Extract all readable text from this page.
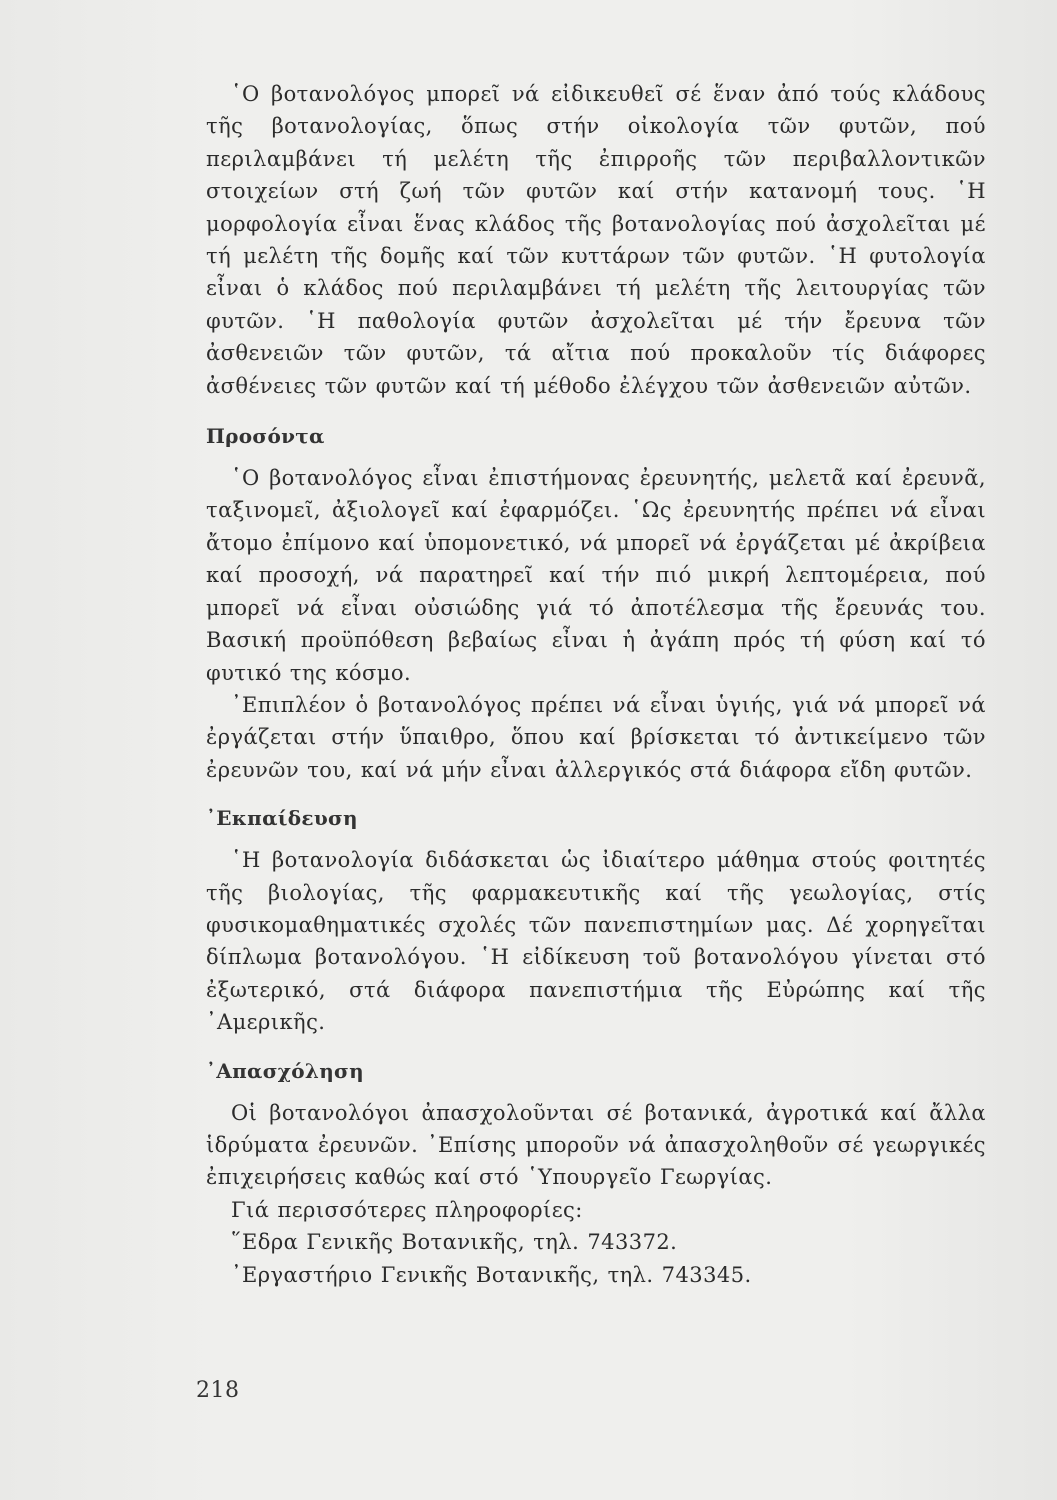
῾Ο βοτανολόγος μπορεῖ νά εἰδικευθεῖ σέ ἕναν ἀπό τούς κλάδους τῆς βοτανολογίας, ὅπως στήν οἰκολογία τῶν φυτῶν, πού περιλαμβάνει τή μελέτη τῆς ἐπιρροῆς τῶν περιβαλλοντικῶν στοιχείων στή ζωή τῶν φυτῶν καί στήν κατανομή τους. ῾Η μορφολογία εἶναι ἕνας κλάδος τῆς βοτανολογίας πού ἀσχολεῖται μέ τή μελέτη τῆς δομῆς καί τῶν κυττάρων τῶν φυτῶν. ῾Η φυτολογία εἶναι ὁ κλάδος πού περιλαμβάνει τή μελέτη τῆς λειτουργίας τῶν φυτῶν. ῾Η παθολογία φυτῶν ἀσχολεῖται μέ τήν ἔρευνα τῶν ἀσθενειῶν τῶν φυτῶν, τά αἴτια πού προκαλοῦν τίς διάφορες ἀσθένειες τῶν φυτῶν καί τή μέθοδο ἐλέγχου τῶν ἀσθενειῶν αὐτῶν.

Προσόντα

῾Ο βοτανολόγος εἶναι ἐπιστήμονας ἐρευνητής, μελετᾶ καί ἐρευνᾶ, ταξινομεῖ, ἀξιολογεῖ καί ἐφαρμόζει. ῾Ως ἐρευνητής πρέπει νά εἶναι ἄτομο ἐπίμονο καί ὑπομονετικό, νά μπορεῖ νά ἐργάζεται μέ ἀκρίβεια καί προσοχή, νά παρατηρεῖ καί τήν πιό μικρή λεπτομέρεια, πού μπορεῖ νά εἶναι οὐσιώδης γιά τό ἀποτέλεσμα τῆς ἔρευνάς του. Βασική προϋπόθεση βεβαίως εἶναι ἡ ἀγάπη πρός τή φύση καί τό φυτικό της κόσμο.

᾿Επιπλέον ὁ βοτανολόγος πρέπει νά εἶναι ὑγιής, γιά νά μπορεῖ νά ἐργάζεται στήν ὕπαιθρο, ὅπου καί βρίσκεται τό ἀντικείμενο τῶν ἐρευνῶν του, καί νά μήν εἶναι ἀλλεργικός στά διάφορα εἴδη φυτῶν.

᾿Εκπαίδευση

῾Η βοτανολογία διδάσκεται ὡς ἰδιαίτερο μάθημα στούς φοιτητές τῆς βιολογίας, τῆς φαρμακευτικῆς καί τῆς γεωλογίας, στίς φυσικομαθηματικές σχολές τῶν πανεπιστημίων μας. Δέ χορηγεῖται δίπλωμα βοτανολόγου. ῾Η εἰδίκευση τοῦ βοτανολόγου γίνεται στό ἐξωτερικό, στά διάφορα πανεπιστήμια τῆς Εὐρώπης καί τῆς ᾿Αμερικῆς.

᾿Απασχόληση

Οἱ βοτανολόγοι ἀπασχολοῦνται σέ βοτανικά, ἀγροτικά καί ἄλλα ἱδρύματα ἐρευνῶν. ᾿Επίσης μποροῦν νά ἀπασχοληθοῦν σέ γεωργικές ἐπιχειρήσεις καθώς καί στό ῾Υπουργεῖο Γεωργίας.

Γιά περισσότερες πληροφορίες:

῞Εδρα Γενικῆς Βοτανικῆς, τηλ. 743372.

᾿Εργαστήριο Γενικῆς Βοτανικῆς, τηλ. 743345.

218
